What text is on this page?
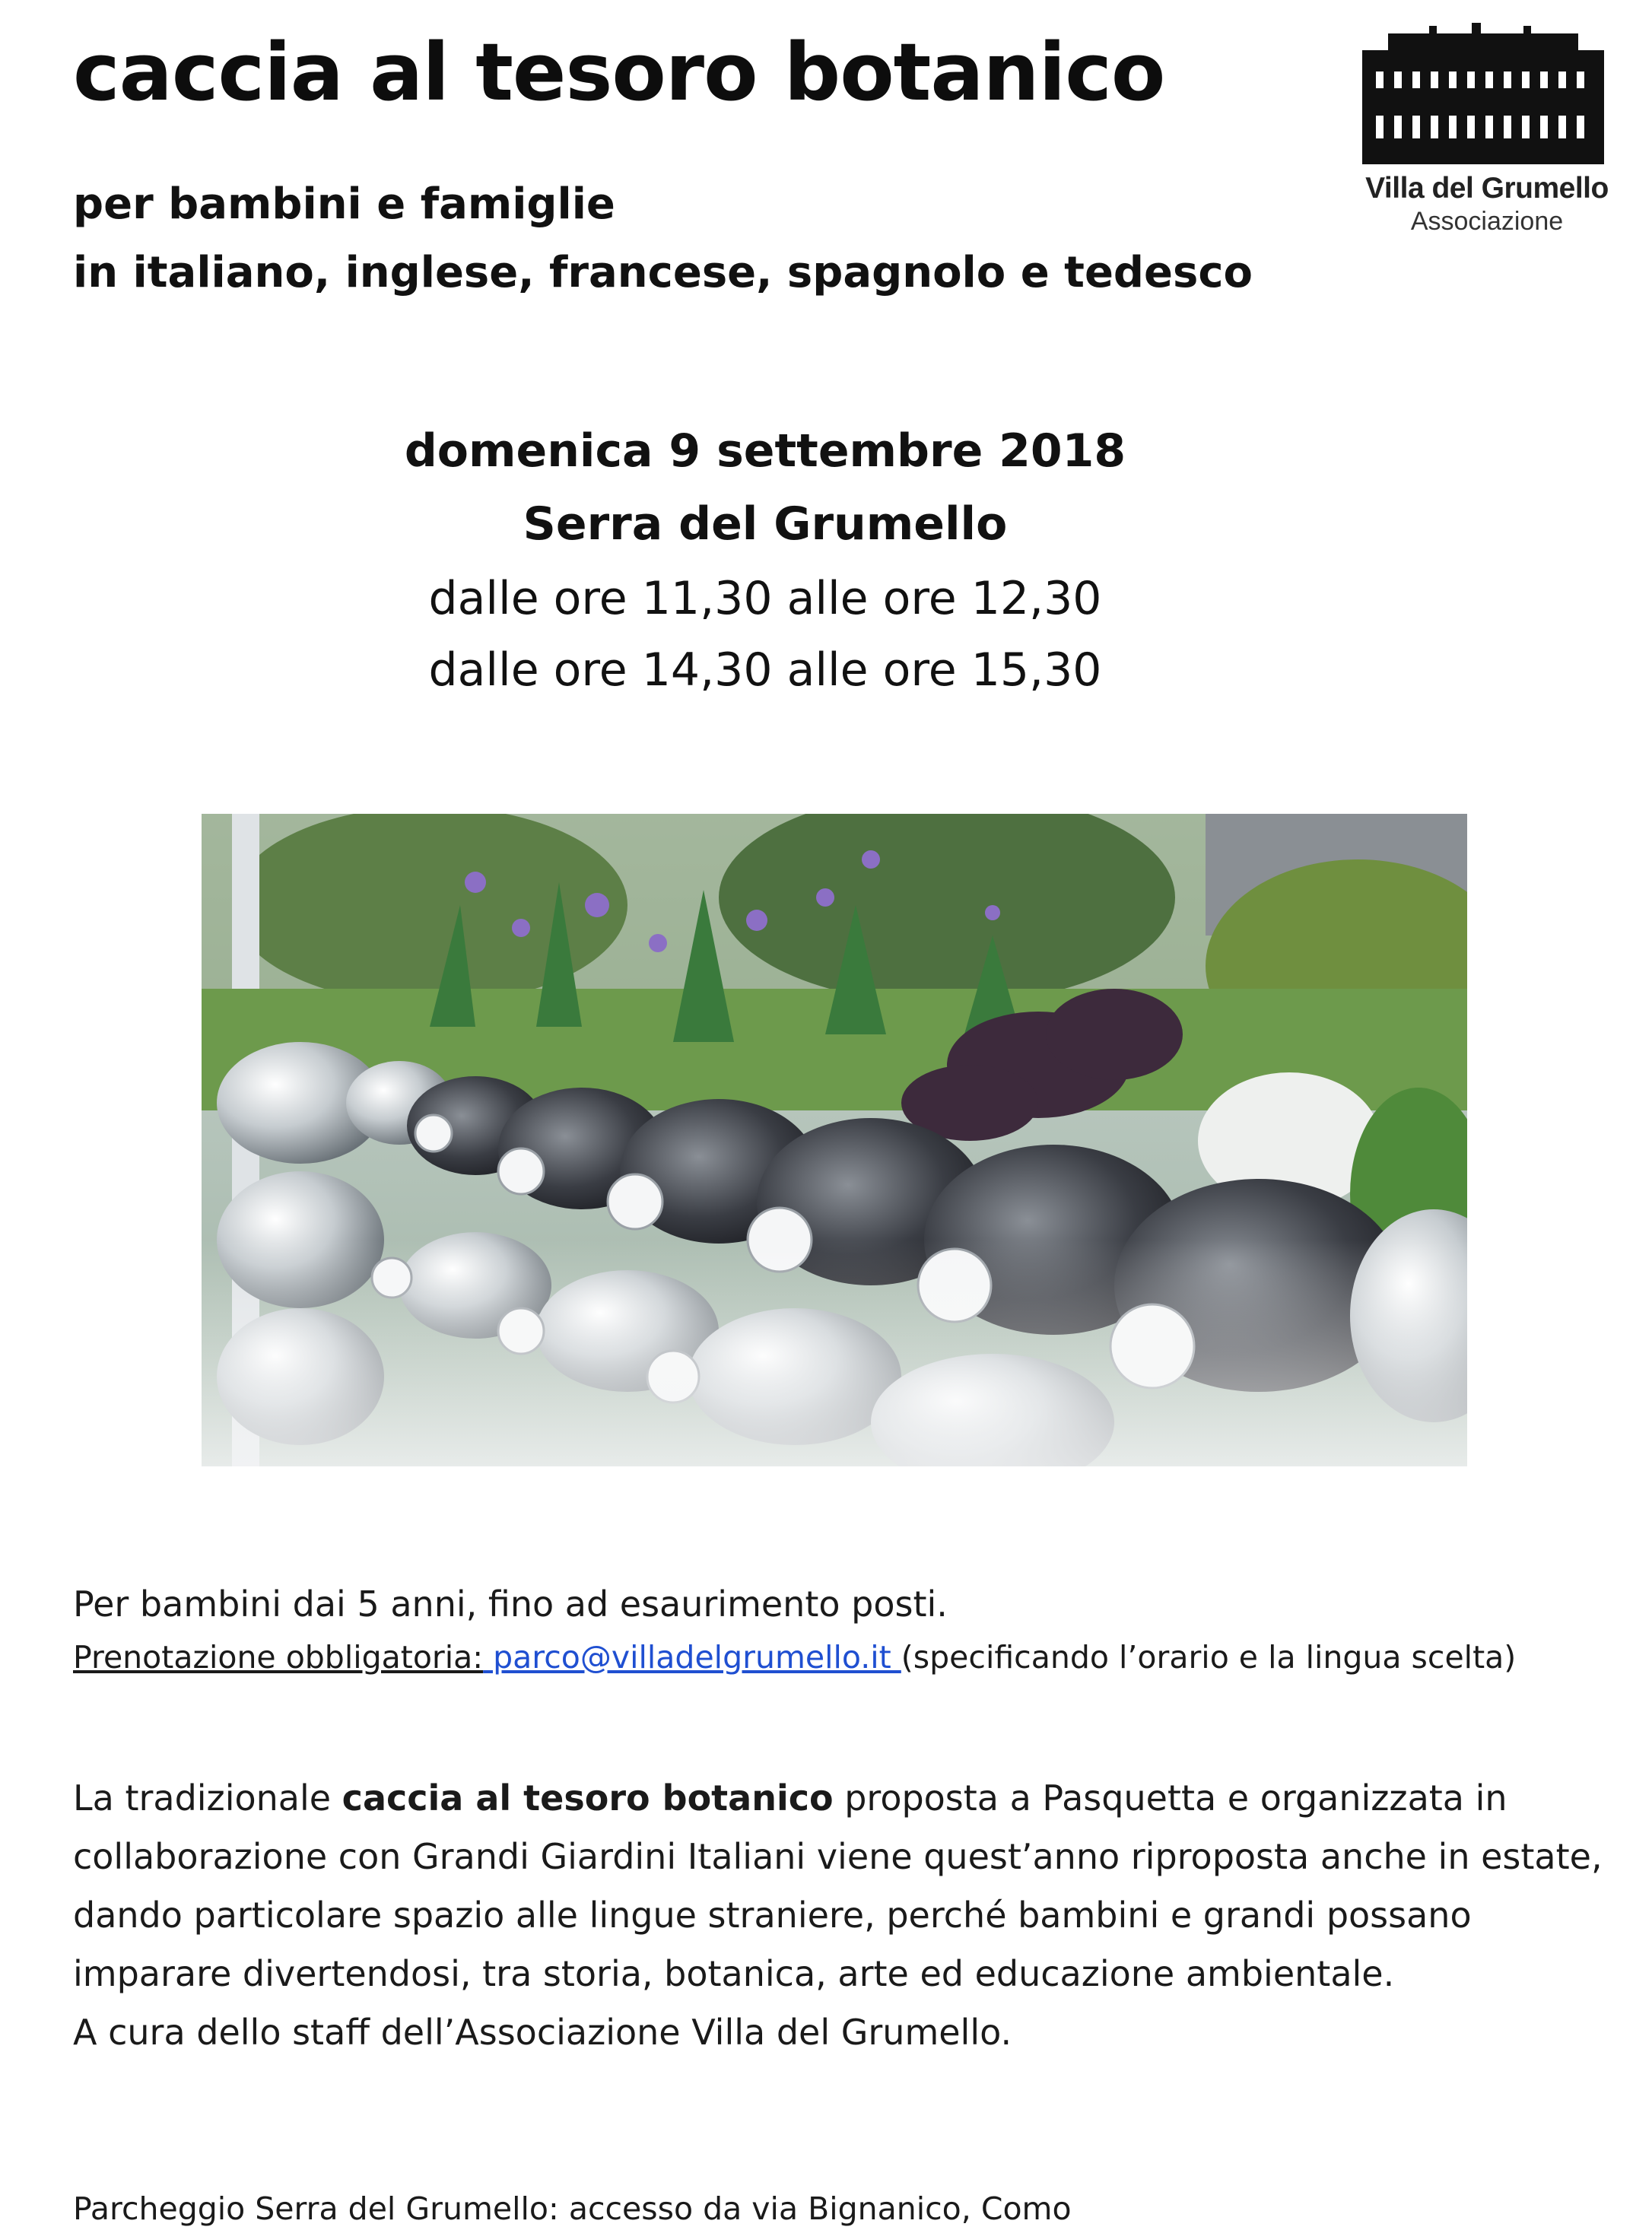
caccia al tesoro botanico

per bambini e famiglie

in italiano, inglese, francese, spagnolo e tedesco

Villa del Grumello
Associazione
domenica 9 settembre 2018
Serra del Grumello
dalle ore 11,30 alle ore 12,30
dalle ore 14,30 alle ore 15,30

Per bambini dai 5 anni, fino ad esaurimento posti.

Prenotazione obbligatoria: parco@villadelgrumello.it (specificando l’orario e la lingua scelta)

La tradizionale caccia al tesoro botanico proposta a Pasquetta e organizzata in collaborazione con Grandi Giardini Italiani viene quest’anno riproposta anche in estate, dando particolare spazio alle lingue straniere, perché bambini e grandi possano imparare divertendosi, tra storia, botanica, arte ed educazione ambientale.
A cura dello staff dell’Associazione Villa del Grumello.

Parcheggio Serra del Grumello: accesso da via Bignanico, Como
